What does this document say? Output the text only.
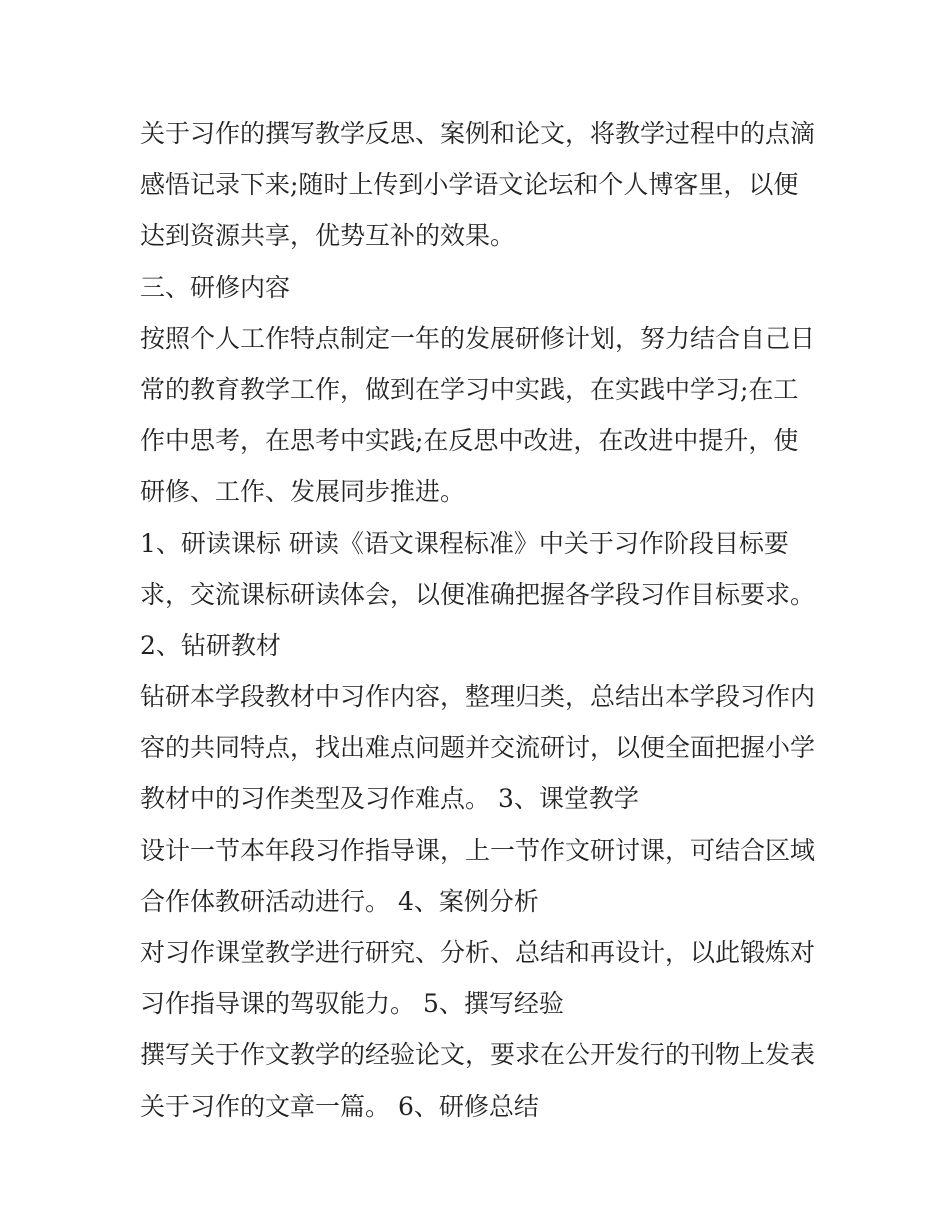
关于习作的撰写教学反思、案例和论文，将教学过程中的点滴
感悟记录下来;随时上传到小学语文论坛和个人博客里，以便
达到资源共享，优势互补的效果。
三、研修内容
按照个人工作特点制定一年的发展研修计划，努力结合自己日
常的教育教学工作，做到在学习中实践，在实践中学习;在工
作中思考，在思考中实践;在反思中改进，在改进中提升，使
研修、工作、发展同步推进。
1、研读课标 研读《语文课程标准》中关于习作阶段目标要
求，交流课标研读体会，以便准确把握各学段习作目标要求。
2、钻研教材
钻研本学段教材中习作内容，整理归类，总结出本学段习作内
容的共同特点，找出难点问题并交流研讨，以便全面把握小学
教材中的习作类型及习作难点。 3、课堂教学
设计一节本年段习作指导课，上一节作文研讨课，可结合区域
合作体教研活动进行。 4、案例分析
对习作课堂教学进行研究、分析、总结和再设计，以此锻炼对
习作指导课的驾驭能力。 5、撰写经验
撰写关于作文教学的经验论文，要求在公开发行的刊物上发表
关于习作的文章一篇。 6、研修总结
